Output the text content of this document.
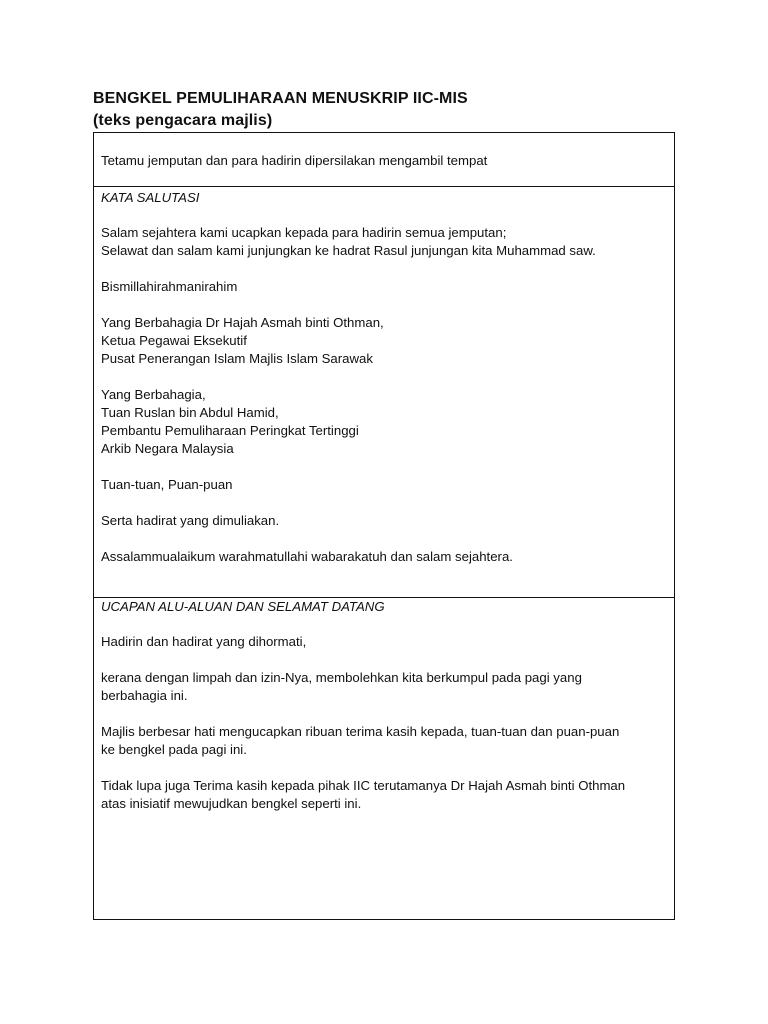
BENGKEL PEMULIHARAAN MENUSKRIP IIC-MIS
(teks pengacara majlis)
Tetamu jemputan dan para hadirin dipersilakan mengambil tempat
KATA SALUTASI

Salam sejahtera kami ucapkan kepada para hadirin semua jemputan;
Selawat dan salam kami junjungkan ke hadrat Rasul junjungan kita Muhammad saw.

Bismillahirahmanirahim

Yang Berbahagia Dr Hajah Asmah binti Othman,
Ketua Pegawai Eksekutif
Pusat Penerangan Islam Majlis Islam Sarawak

Yang Berbahagia,
Tuan Ruslan bin Abdul Hamid,
Pembantu Pemuliharaan Peringkat Tertinggi
Arkib Negara Malaysia

Tuan-tuan, Puan-puan

Serta hadirat yang dimuliakan.

Assalammualaikum warahmatullahi wabarakatuh dan salam sejahtera.

UCAPAN ALU-ALUAN DAN SELAMAT DATANG

Hadirin dan hadirat yang dihormati,

kerana dengan limpah dan izin-Nya, membolehkan kita berkumpul pada pagi yang
berbahagia ini.

Majlis berbesar hati mengucapkan ribuan terima kasih kepada, tuan-tuan dan puan-puan
ke bengkel pada pagi ini.

Tidak lupa juga Terima kasih kepada pihak IIC terutamanya Dr Hajah Asmah binti Othman
atas inisiatif mewujudkan bengkel seperti ini.
